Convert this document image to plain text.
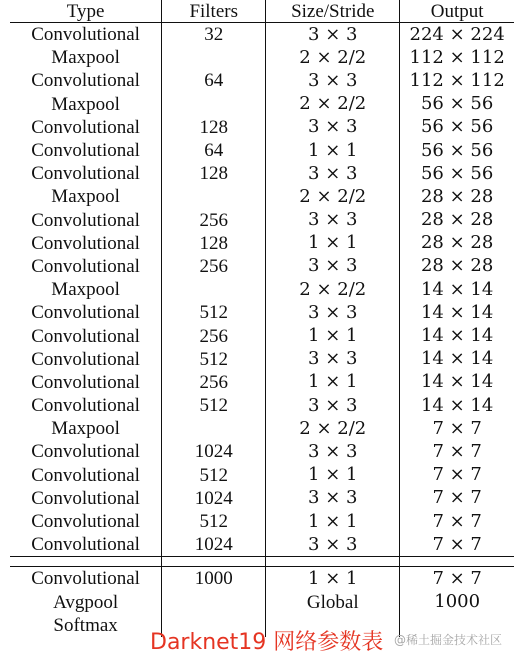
Type	Filters	Size/Stride	Output
Convolutional	32	3 × 3	224 × 224
Maxpool		2 × 2/2	112 × 112
Convolutional	64	3 × 3	112 × 112
Maxpool		2 × 2/2	56 × 56
Convolutional	128	3 × 3	56 × 56
Convolutional	64	1 × 1	56 × 56
Convolutional	128	3 × 3	56 × 56
Maxpool		2 × 2/2	28 × 28
Convolutional	256	3 × 3	28 × 28
Convolutional	128	1 × 1	28 × 28
Convolutional	256	3 × 3	28 × 28
Maxpool		2 × 2/2	14 × 14
Convolutional	512	3 × 3	14 × 14
Convolutional	256	1 × 1	14 × 14
Convolutional	512	3 × 3	14 × 14
Convolutional	256	1 × 1	14 × 14
Convolutional	512	3 × 3	14 × 14
Maxpool		2 × 2/2	7 × 7
Convolutional	1024	3 × 3	7 × 7
Convolutional	512	1 × 1	7 × 7
Convolutional	1024	3 × 3	7 × 7
Convolutional	512	1 × 1	7 × 7
Convolutional	1024	3 × 3	7 × 7

Convolutional	1000	1 × 1	7 × 7
Avgpool		Global	1000
Softmax			
Darknet19 网络参数表 @稀土掘金技术社区
